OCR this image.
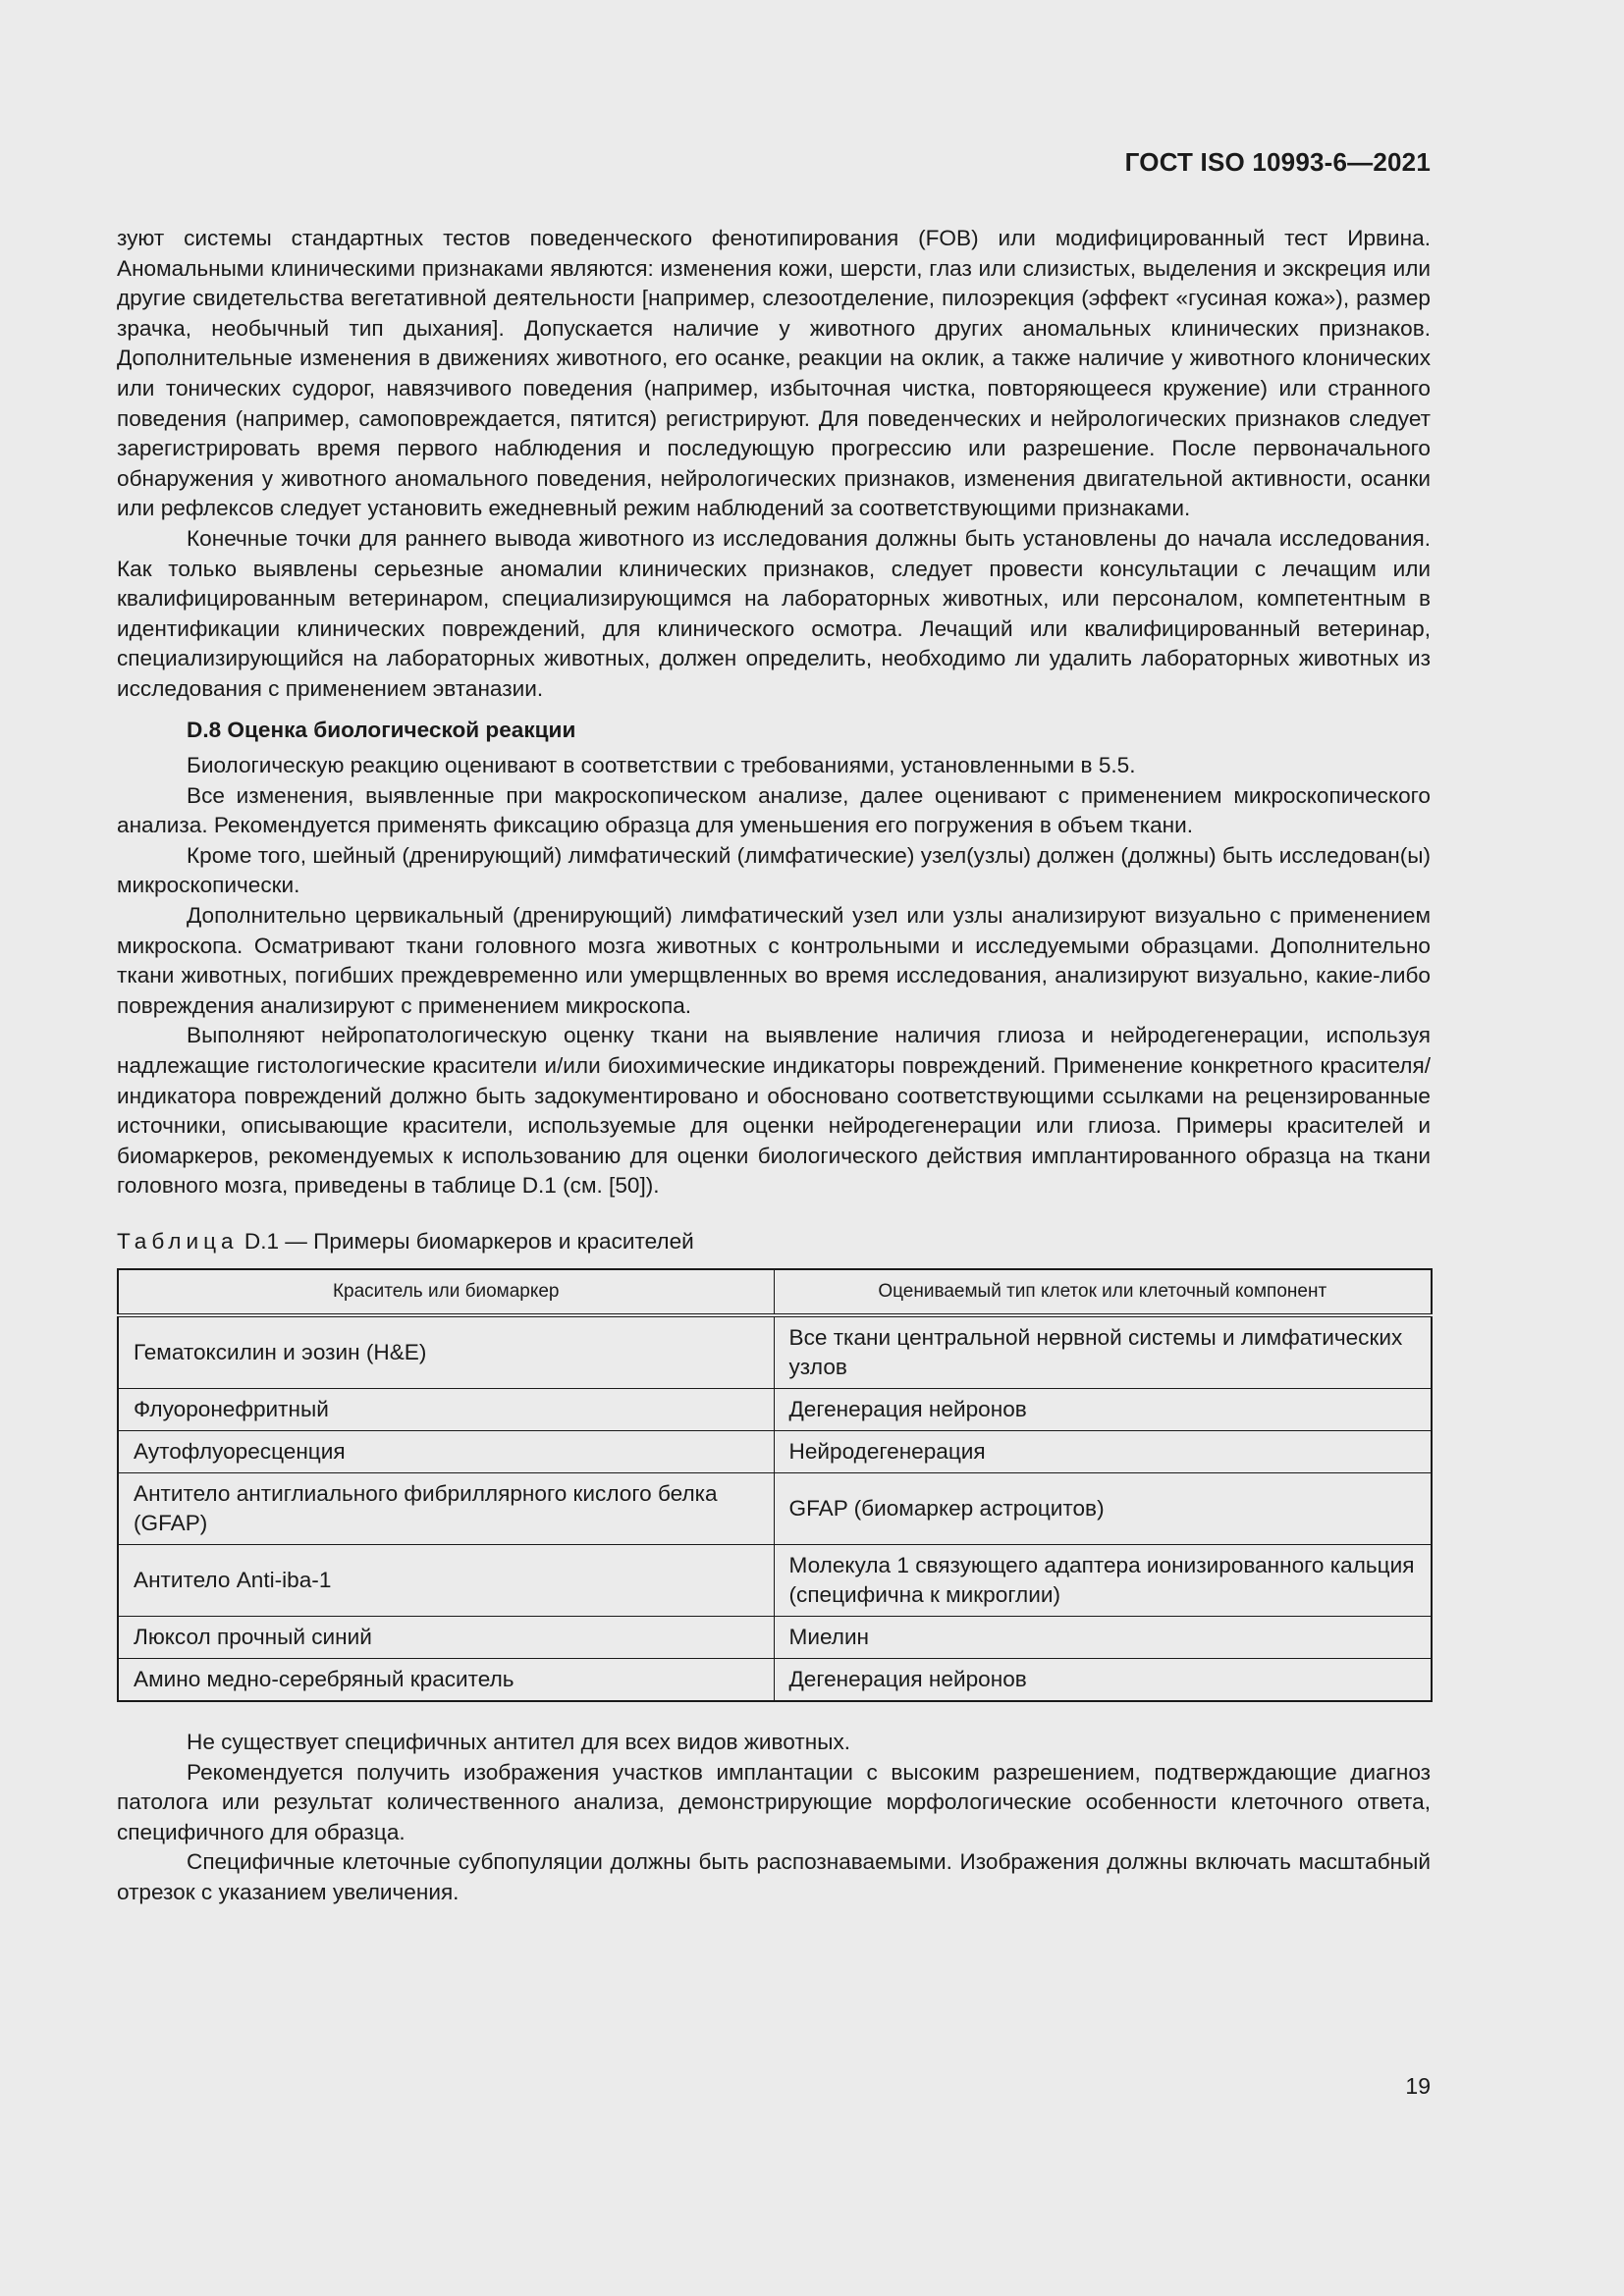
ГОСТ ISO 10993-6—2021

зуют системы стандартных тестов поведенческого фенотипирования (FOB) или модифицированный тест Ирвина. Аномальными клиническими признаками являются: изменения кожи, шерсти, глаз или слизистых, выделения и экскреция или другие свидетельства вегетативной деятельности [например, слезоотделение, пилоэрекция (эффект «гусиная кожа»), размер зрачка, необычный тип дыхания]. Допускается наличие у животного других аномальных клинических признаков. Дополнительные изменения в движениях животного, его осанке, реакции на оклик, а также наличие у животного клонических или тонических судорог, навязчивого поведения (например, избыточная чистка, повторяющееся кружение) или странного поведения (например, самоповреждается, пятится) регистрируют. Для поведенческих и нейрологических признаков следует зарегистрировать время первого наблюдения и последующую прогрессию или разрешение. После первоначального обнаружения у животного аномального поведения, нейрологических признаков, изменения двигательной активности, осанки или рефлексов следует установить ежедневный режим наблюдений за соответствующими признаками.

Конечные точки для раннего вывода животного из исследования должны быть установлены до начала исследования. Как только выявлены серьезные аномалии клинических признаков, следует провести консультации с лечащим или квалифицированным ветеринаром, специализирующимся на лабораторных животных, или персоналом, компетентным в идентификации клинических повреждений, для клинического осмотра. Лечащий или квалифицированный ветеринар, специализирующийся на лабораторных животных, должен определить, необходимо ли удалить лабораторных животных из исследования с применением эвтаназии.

D.8 Оценка биологической реакции

Биологическую реакцию оценивают в соответствии с требованиями, установленными в 5.5.

Все изменения, выявленные при макроскопическом анализе, далее оценивают с применением микроскопического анализа. Рекомендуется применять фиксацию образца для уменьшения его погружения в объем ткани.

Кроме того, шейный (дренирующий) лимфатический (лимфатические) узел(узлы) должен (должны) быть исследован(ы) микроскопически.

Дополнительно цервикальный (дренирующий) лимфатический узел или узлы анализируют визуально с применением микроскопа. Осматривают ткани головного мозга животных с контрольными и исследуемыми образцами. Дополнительно ткани животных, погибших преждевременно или умерщвленных во время исследования, анализируют визуально, какие-либо повреждения анализируют с применением микроскопа.

Выполняют нейропатологическую оценку ткани на выявление наличия глиоза и нейродегенерации, используя надлежащие гистологические красители и/или биохимические индикаторы повреждений. Применение конкретного красителя/индикатора повреждений должно быть задокументировано и обосновано соответствующими ссылками на рецензированные источники, описывающие красители, используемые для оценки нейродегенерации или глиоза. Примеры красителей и биомаркеров, рекомендуемых к использованию для оценки биологического действия имплантированного образца на ткани головного мозга, приведены в таблице D.1 (см. [50]).

Таблица D.1 — Примеры биомаркеров и красителей
Краситель или биомаркер	Оцениваемый тип клеток или клеточный компонент
Гематоксилин и эозин (H&E)	Все ткани центральной нервной системы и лимфатических узлов
Флуоронефритный	Дегенерация нейронов
Аутофлуоресценция	Нейродегенерация
Антитело антиглиального фибриллярного кислого белка (GFAP)	GFAP (биомаркер астроцитов)
Антитело Anti-iba-1	Молекула 1 связующего адаптера ионизированного кальция (специфична к микроглии)
Люксол прочный синий	Миелин
Амино медно-серебряный краситель	Дегенерация нейронов

Не существует специфичных антител для всех видов животных.

Рекомендуется получить изображения участков имплантации с высоким разрешением, подтверждающие диагноз патолога или результат количественного анализа, демонстрирующие морфологические особенности клеточного ответа, специфичного для образца.

Специфичные клеточные субпопуляции должны быть распознаваемыми. Изображения должны включать масштабный отрезок с указанием увеличения.

19
